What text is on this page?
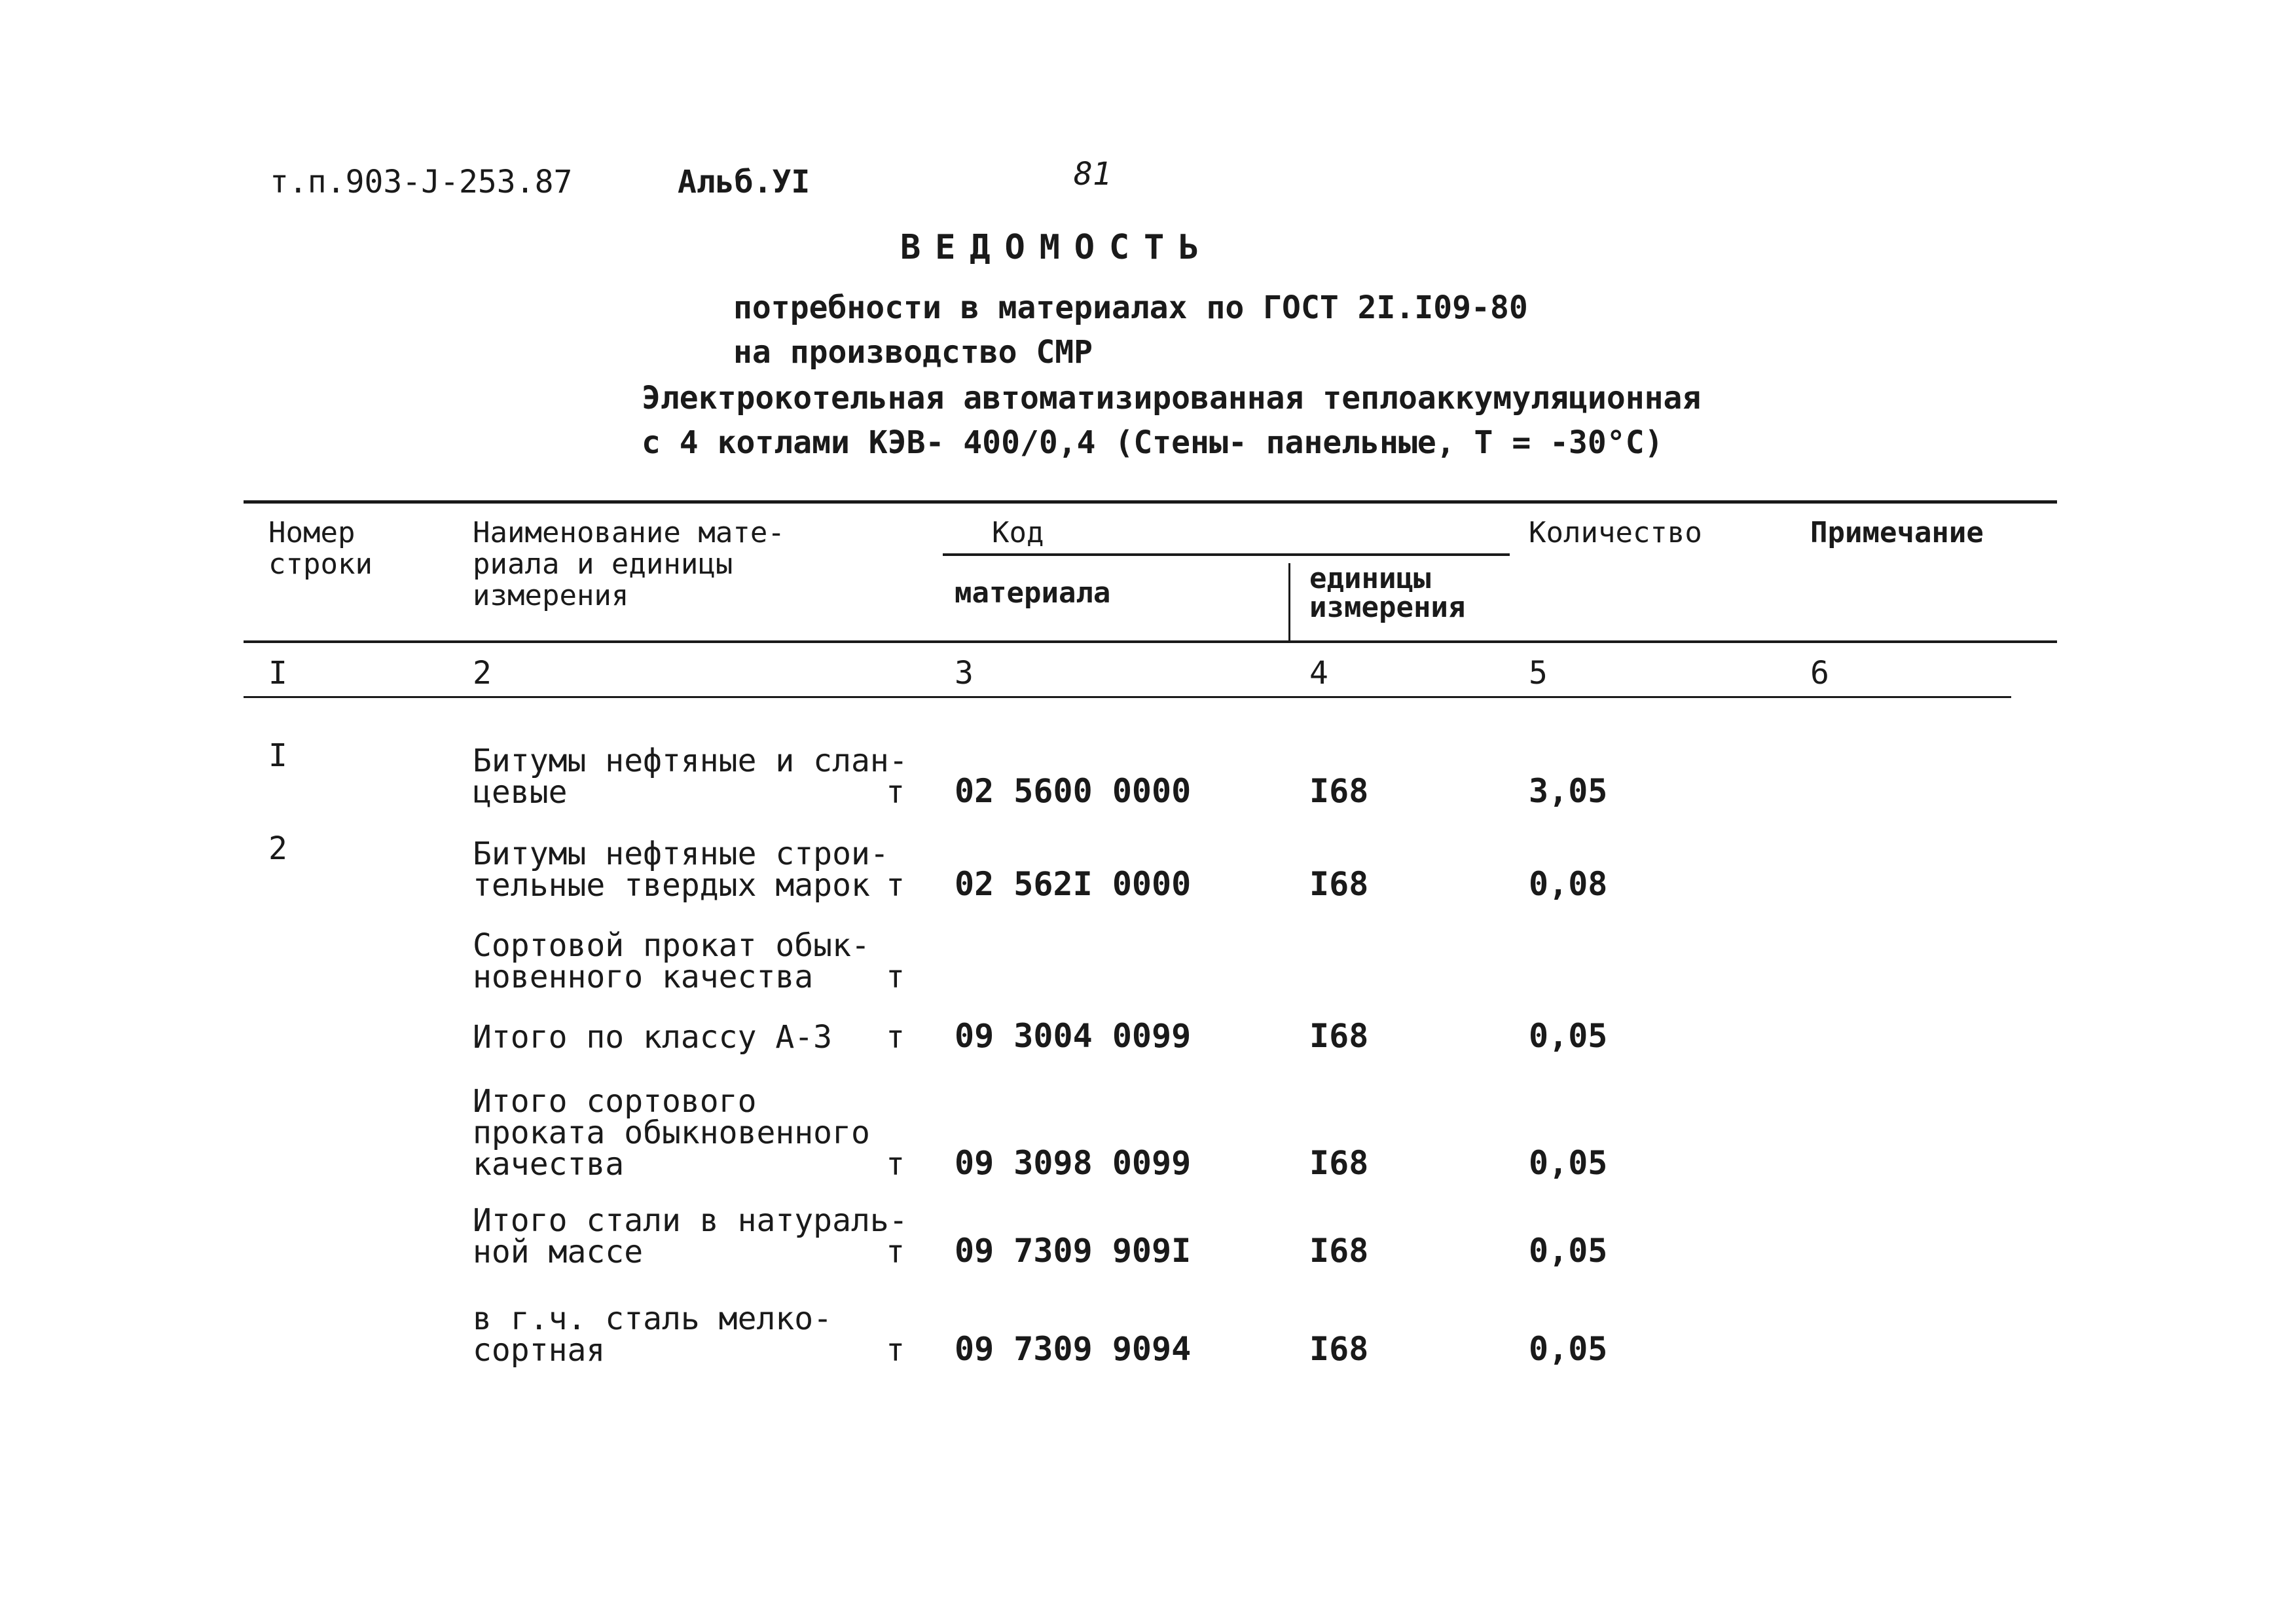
т.п.903-Ј-253.87	Альб.УI	81
ВЕДОМОСТЬ
потребности в материалах по ГОСТ 2I.I09-80
на производство СМР
Электрокотельная автоматизированная теплоаккумуляционная
с 4 котлами КЭВ- 400/0,4 (Стены- панельные, Т = -30°С)
Номер
строки
Наименование мате-
риала и единицы
измерения
Код
материала	единицы
измерения
Количество	Примечание
I	2	3	4	5	6
I	Битумы нефтяные и слан-
цевые	т 02 5600 0000	I68	3,05
2	Битумы нефтяные строи-
тельные твердых марок т 02 562I 0000	I68	0,08
Сортовой прокат обык-
новенного качества т
Итого по классу А-3 т 09 3004 0099	I68	0,05
Итого сортового
проката обыкновенного
качества	т 09 3098 0099	I68	0,05
Итого стали в натураль-
ной массе	т 09 7309 909I	I68	0,05
в г.ч. сталь мелко-
сортная	т 09 7309 9094	I68	0,05
